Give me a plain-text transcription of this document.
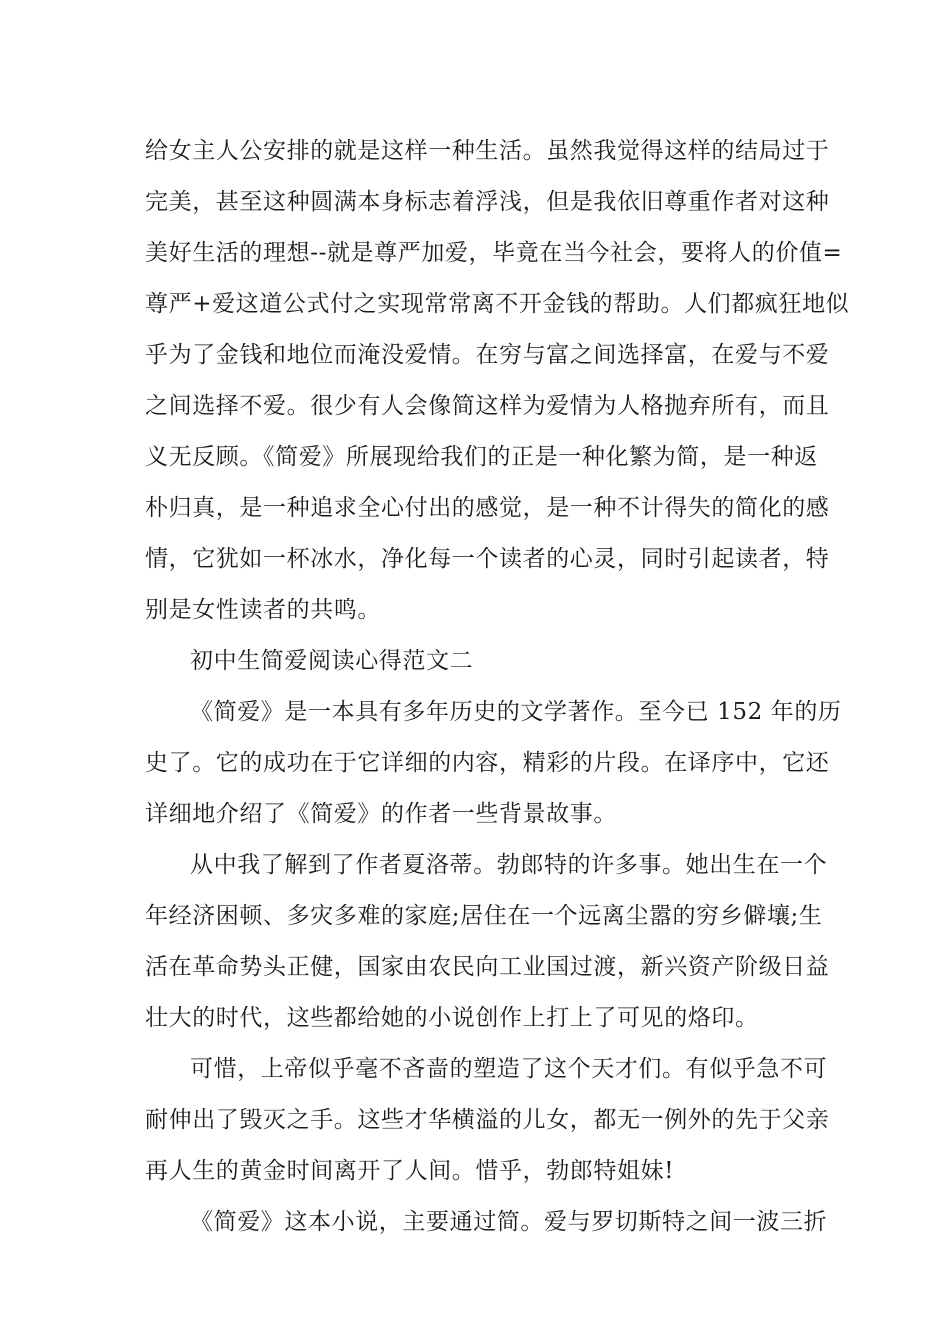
给女主人公安排的就是这样一种生活。虽然我觉得这样的结局过于
完美，甚至这种圆满本身标志着浮浅，但是我依旧尊重作者对这种
美好生活的理想--就是尊严加爱，毕竟在当今社会，要将人的价值=
尊严+爱这道公式付之实现常常离不开金钱的帮助。人们都疯狂地似
乎为了金钱和地位而淹没爱情。在穷与富之间选择富，在爱与不爱
之间选择不爱。很少有人会像简这样为爱情为人格抛弃所有，而且
义无反顾。《简爱》所展现给我们的正是一种化繁为简，是一种返
朴归真，是一种追求全心付出的感觉，是一种不计得失的简化的感
情，它犹如一杯冰水，净化每一个读者的心灵，同时引起读者，特
别是女性读者的共鸣。
初中生简爱阅读心得范文二
《简爱》是一本具有多年历史的文学著作。至今已 152 年的历
史了。它的成功在于它详细的内容，精彩的片段。在译序中，它还
详细地介绍了《简爱》的作者一些背景故事。
从中我了解到了作者夏洛蒂。勃郎特的许多事。她出生在一个
年经济困顿、多灾多难的家庭;居住在一个远离尘嚣的穷乡僻壤;生
活在革命势头正健，国家由农民向工业国过渡，新兴资产阶级日益
壮大的时代，这些都给她的小说创作上打上了可见的烙印。
可惜，上帝似乎毫不吝啬的塑造了这个天才们。有似乎急不可
耐伸出了毁灭之手。这些才华横溢的儿女，都无一例外的先于父亲
再人生的黄金时间离开了人间。惜乎，勃郎特姐妹!
《简爱》这本小说，主要通过简。爱与罗切斯特之间一波三折
